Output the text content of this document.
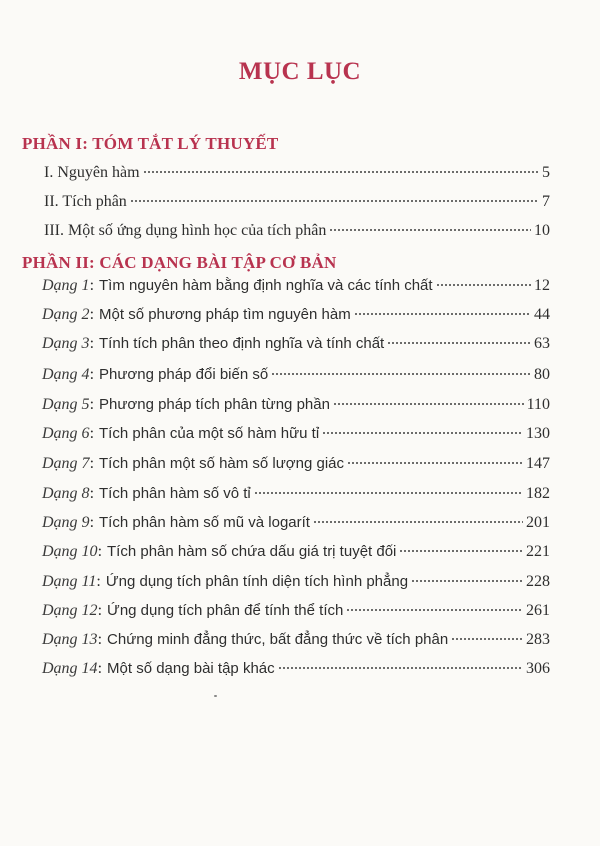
MỤC LỤC
PHẦN I: TÓM TẮT LÝ THUYẾT
I. Nguyên hàm	5
II. Tích phân	7
III. Một số ứng dụng hình học của tích phân	10
PHẦN II: CÁC DẠNG BÀI TẬP CƠ BẢN
Dạng 1 : Tìm nguyên hàm bằng định nghĩa và các tính chất	12
Dạng 2 : Một số phương pháp tìm nguyên hàm	44
Dạng 3 : Tính tích phân theo định nghĩa và tính chất	63
Dạng 4 : Phương pháp đổi biến số	80
Dạng 5 : Phương pháp tích phân từng phần	110
Dạng 6 : Tích phân của một số hàm hữu tỉ	130
Dạng 7 : Tích phân một số hàm số lượng giác	147
Dạng 8 : Tích phân hàm số vô tỉ	182
Dạng 9 : Tích phân hàm số mũ và logarít	201
Dạng 10 : Tích phân hàm số chứa dấu giá trị tuyệt đối	221
Dạng 11 : Ứng dụng tích phân tính diện tích hình phẳng	228
Dạng 12 : Ứng dụng tích phân để tính thể tích	261
Dạng 13 : Chứng minh đẳng thức, bất đẳng thức về tích phân	283
Dạng 14 : Một số dạng bài tập khác	306
